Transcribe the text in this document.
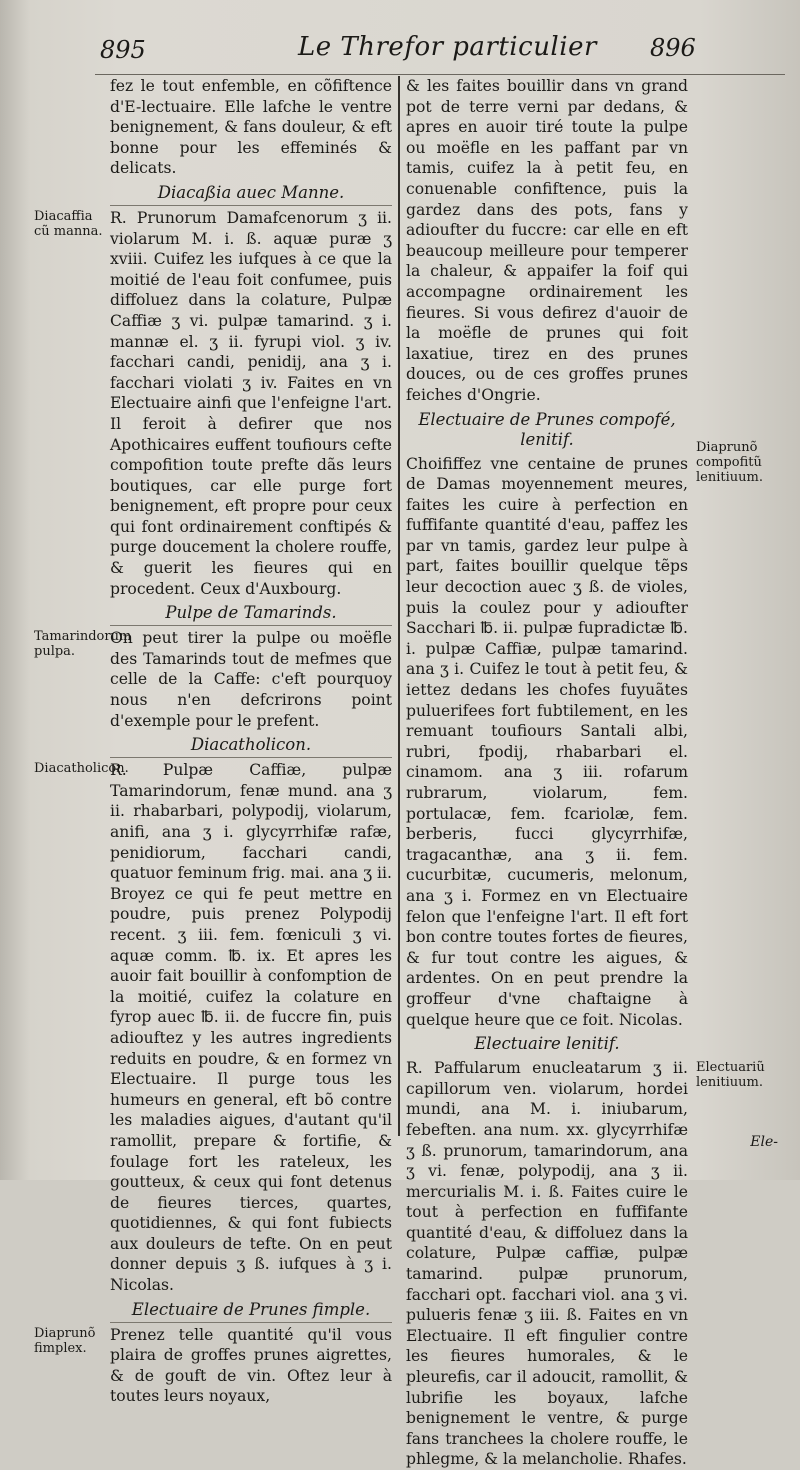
895	Le Threfor particulier 896

fez le tout enfemble, en cõfiftence d'E-lectuaire. Elle lafche le ventre benignement, & fans douleur, & eft bonne pour les effeminés & delicats.

Diacaßia auec Manne.
Diacaffia cũ manna.

R. Prunorum Damafcenorum ʒ ii. violarum M. i. ß. aquæ puræ ʒ xviii. Cuifez les iufques à ce que la moitié de l'eau foit confumee, puis diffoluez dans la colature, Pulpæ Caffiæ ʒ vi. pulpæ tamarind. ʒ i. mannæ el. ʒ ii. fyrupi viol. ʒ iv. facchari candi, penidij, ana ʒ i. facchari violati ʒ iv. Faites en vn Electuaire ainfi que l'enfeigne l'art. Il feroit à defirer que nos Apothicaires euffent toufiours cefte compofition toute prefte dãs leurs boutiques, car elle purge fort benignement, eft propre pour ceux qui font ordinairement conftipés & purge doucement la cholere rouffe, & guerit les fieures qui en procedent. Ceux d'Auxbourg.

Pulpe de Tamarinds.
Tamarindorum pulpa.

On peut tirer la pulpe ou moëfle des Tamarinds tout de mefmes que celle de la Caffe: c'eft pourquoy nous n'en defcrirons point d'exemple pour le prefent.

Diacatholicon.
Diacatholicon.

R. Pulpæ Caffiæ, pulpæ Tamarindorum, fenæ mund. ana ʒ ii. rhabarbari, polypodij, violarum, anifi, ana ʒ i. glycyrrhifæ rafæ, penidiorum, facchari candi, quatuor feminum frig. mai. ana ʒ ii. Broyez ce qui fe peut mettre en poudre, puis prenez Polypodij recent. ʒ iii. fem. fœniculi ʒ vi. aquæ comm. ℔. ix. Et apres les auoir fait bouillir à confomption de la moitié, cuifez la colature en fyrop auec ℔. ii. de fuccre fin, puis adiouftez y les autres ingredients reduits en poudre, & en formez vn Electuaire. Il purge tous les humeurs en general, eft bõ contre les maladies aigues, d'autant qu'il ramollit, prepare & fortifie, & foulage fort les rateleux, les goutteux, & ceux qui font detenus de fieures tierces, quartes, quotidiennes, & qui font fubiects aux douleurs de tefte. On en peut donner depuis ʒ ß. iufques à ʒ i. Nicolas.

Electuaire de Prunes fimple.
Diaprunõ fimplex.

Prenez telle quantité qu'il vous plaira de groffes prunes aigrettes, & de gouft de vin. Oftez leur à toutes leurs noyaux,

& les faites bouillir dans vn grand pot de terre verni par dedans, & apres en auoir tiré toute la pulpe ou moëfle en les paffant par vn tamis, cuifez la à petit feu, en conuenable confiftence, puis la gardez dans des pots, fans y adioufter du fuccre: car elle en eft beaucoup meilleure pour temperer la chaleur, & appaifer la foif qui accompagne ordinairement les fieures. Si vous defirez d'auoir de la moëfle de prunes qui foit laxatiue, tirez en des prunes douces, ou de ces groffes prunes feiches d'Ongrie.

Electuaire de Prunes compofé, lenitif.	Diaprunõ compofitũ lenitiuum.

Choififfez vne centaine de prunes de Damas moyennement meures, faites les cuire à perfection en fuffifante quantité d'eau, paffez les par vn tamis, gardez leur pulpe à part, faites bouillir quelque tẽps leur decoction auec ʒ ß. de violes, puis la coulez pour y adioufter Sacchari ℔. ii. pulpæ fupradictæ ℔. i. pulpæ Caffiæ, pulpæ tamarind. ana ʒ i. Cuifez le tout à petit feu, & iettez dedans les chofes fuyuãtes puluerifees fort fubtilement, en les remuant toufiours Santali albi, rubri, fpodij, rhabarbari el. cinamom. ana ʒ iii. rofarum rubrarum, violarum, fem. portulacæ, fem. fcariolæ, fem. berberis, fucci glycyrrhifæ, tragacanthæ, ana ʒ ii. fem. cucurbitæ, cucumeris, melonum, ana ʒ i. Formez en vn Electuaire felon que l'enfeigne l'art. Il eft fort bon contre toutes fortes de fieures, & fur tout contre les aigues, & ardentes. On en peut prendre la groffeur d'vne chaftaigne à quelque heure que ce foit. Nicolas.

Electuaire lenitif.
Electuariũ lenitiuum.

R. Paffularum enucleatarum ʒ ii. capillorum ven. violarum, hordei mundi, ana M. i. iniubarum, febeften. ana num. xx. glycyrrhifæ ʒ ß. prunorum, tamarindorum, ana ʒ vi. fenæ, polypodij, ana ʒ ii. mercurialis M. i. ß. Faites cuire le tout à perfection en fuffifante quantité d'eau, & diffoluez dans la colature, Pulpæ caffiæ, pulpæ tamarind. pulpæ prunorum, facchari opt. facchari viol. ana ʒ vi. pulueris fenæ ʒ iii. ß. Faites en vn Electuaire. Il eft fingulier contre les fieures humorales, & le pleurefis, car il adoucit, ramollit, & lubrifie les boyaux, lafche benignement le ventre, & purge fans tranchees la cholere rouffe, le phlegme, & la melancholie. Rhafes.

Ele-
